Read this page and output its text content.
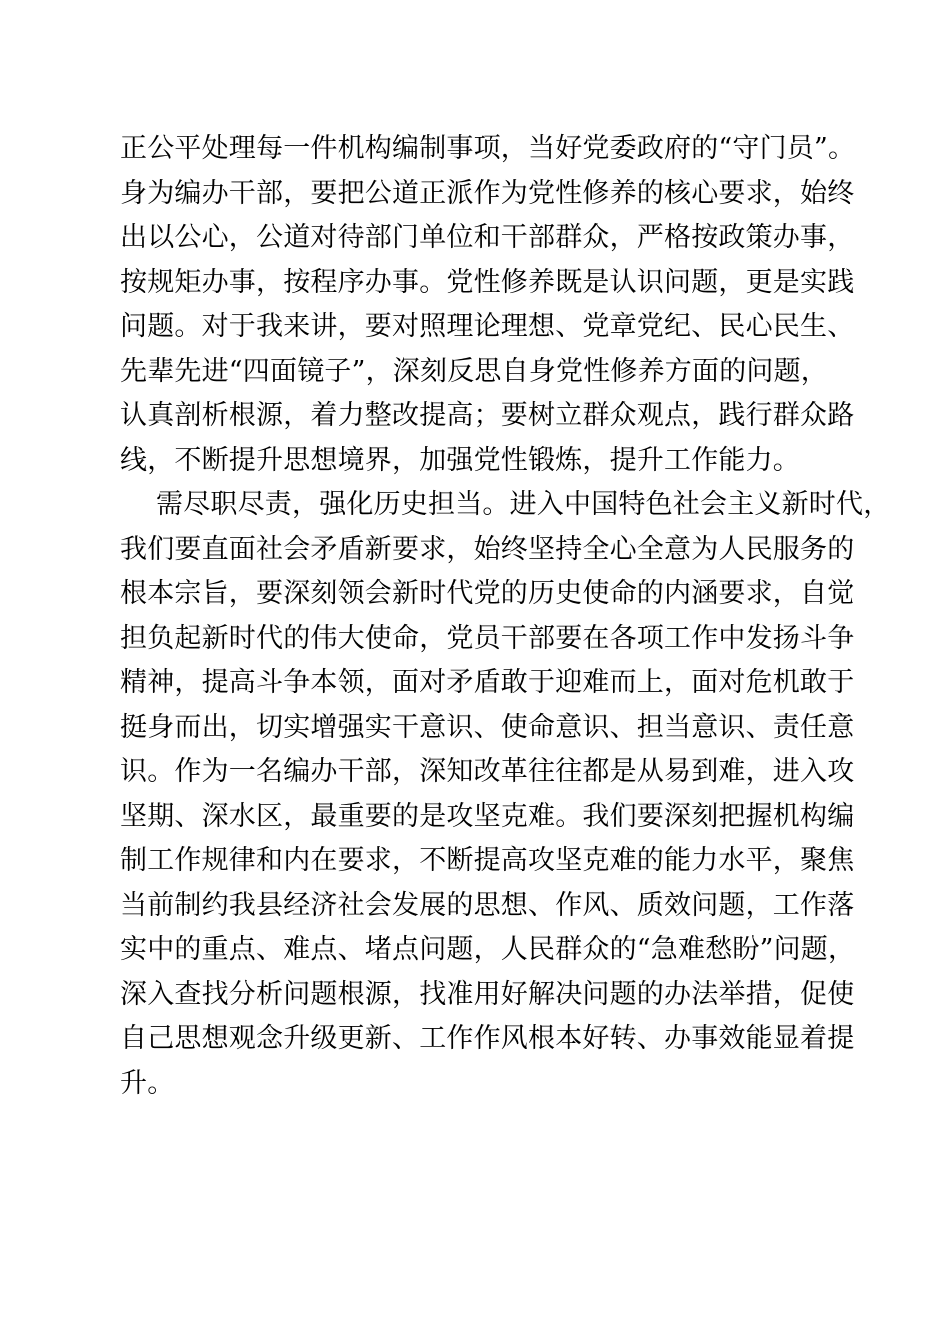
正公平处理每一件机构编制事项，当好党委政府的“守门员”。
身为编办干部，要把公道正派作为党性修养的核心要求，始终
出以公心，公道对待部门单位和干部群众，严格按政策办事，
按规矩办事，按程序办事。党性修养既是认识问题，更是实践
问题。对于我来讲，要对照理论理想、党章党纪、民心民生、
先辈先进“四面镜子”，深刻反思自身党性修养方面的问题，
认真剖析根源，着力整改提高；要树立群众观点，践行群众路
线，不断提升思想境界，加强党性锻炼，提升工作能力。
需尽职尽责，强化历史担当。进入中国特色社会主义新时代，
我们要直面社会矛盾新要求，始终坚持全心全意为人民服务的
根本宗旨，要深刻领会新时代党的历史使命的内涵要求，自觉
担负起新时代的伟大使命，党员干部要在各项工作中发扬斗争
精神，提高斗争本领，面对矛盾敢于迎难而上，面对危机敢于
挺身而出，切实增强实干意识、使命意识、担当意识、责任意
识。作为一名编办干部，深知改革往往都是从易到难，进入攻
坚期、深水区，最重要的是攻坚克难。我们要深刻把握机构编
制工作规律和内在要求，不断提高攻坚克难的能力水平，聚焦
当前制约我县经济社会发展的思想、作风、质效问题，工作落
实中的重点、难点、堵点问题，人民群众的“急难愁盼”问题，
深入查找分析问题根源，找准用好解决问题的办法举措，促使
自己思想观念升级更新、工作作风根本好转、办事效能显着提
升。
